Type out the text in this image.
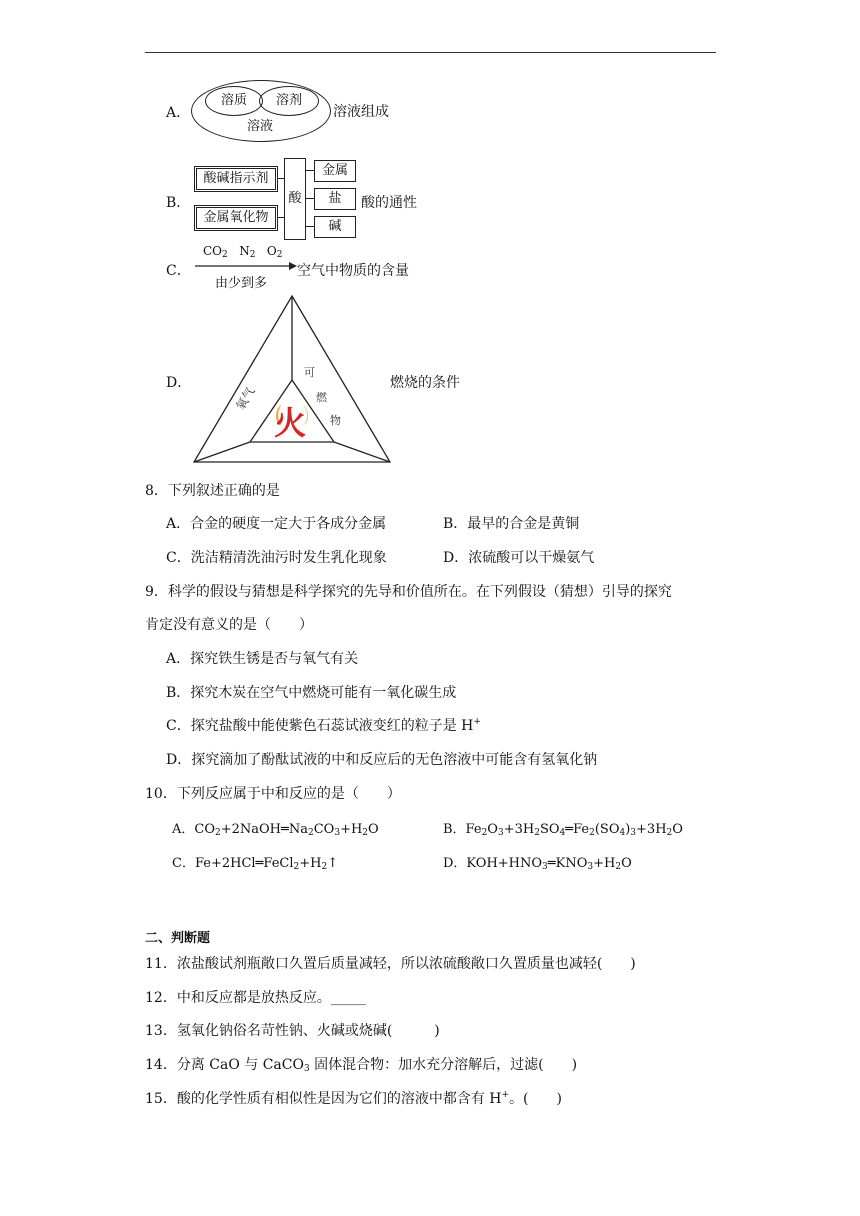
A．
溶质	溶剂
溶液
溶液组成
B．
酸碱指示剂
金属氧化物
酸
金属
盐
碱
酸的通性
C．
$CO_2$ $N_2$ $O_2$
由少到多
空气中物质的含量
D．
氧气
可
燃
物
火
燃烧的条件
8．下列叙述正确的是
A．合金的硬度一定大于各成分金属	B．最早的合金是黄铜
C．洗洁精清洗油污时发生乳化现象	D．浓硫酸可以干燥氨气
9．科学的假设与猜想是科学探究的先导和价值所在。在下列假设（猜想）引导的探究
肯定没有意义的是（　　）
A．探究铁生锈是否与氧气有关
B．探究木炭在空气中燃烧可能有一氧化碳生成
C．探究盐酸中能使紫色石蕊试液变红的粒子是 H+
D．探究滴加了酚酞试液的中和反应后的无色溶液中可能含有氢氧化钠
10．下列反应属于中和反应的是（　　）
A．$CO_2+2NaOH═Na_2CO_3+H_2O$	B．$Fe_2O_3+3H_2SO_4═Fe_2(SO_4)_3+3H_2O$
C．$Fe+2HCl═FeCl_2+H_2↑$	D．$KOH+HNO_3═KNO_3+H_2O$
二、判断题
11．浓盐酸试剂瓶敞口久置后质量减轻，所以浓硫酸敞口久置质量也减轻(　　)
12．中和反应都是放热反应。_____
13．氢氧化钠俗名苛性钠、火碱或烧碱(　　　)
14．分离 CaO 与 CaCO$_3$ 固体混合物：加水充分溶解后，过滤(　　)
15．酸的化学性质有相似性是因为它们的溶液中都含有 H+。(　　)
